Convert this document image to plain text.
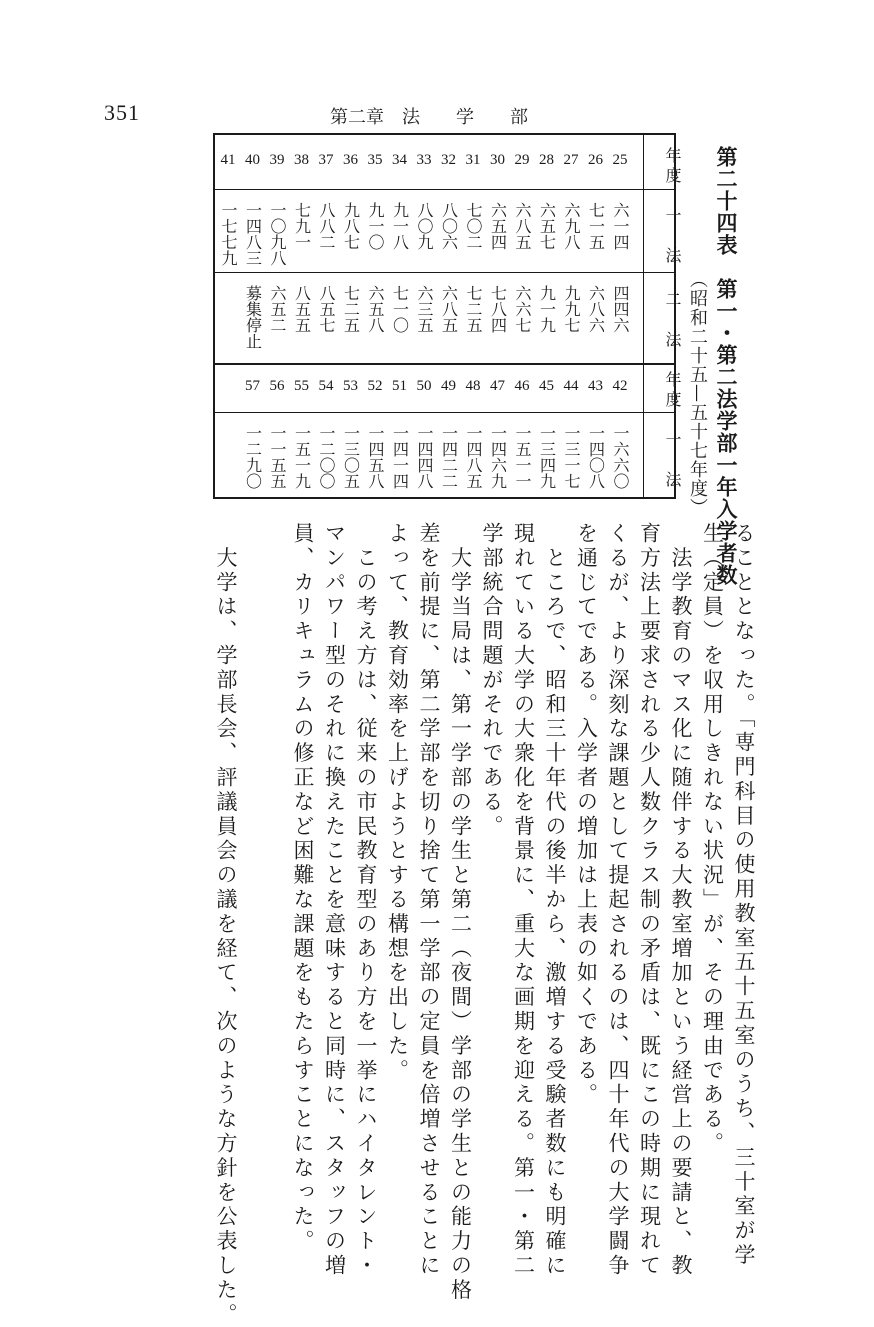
351	第二章　法　　学　　部
第二十四表　第一・第二法学部一年入学者数
（昭和二十五—五十七年度）
年度
一　法
二　法
年度
一　法
25
六一四
四四六
26
七一五
六八六
27
六九八
九九七
28
六五七
九一九
29
六八五
六六七
30
六五四
七八四
31
七〇二
七二五
32
八〇六
六八五
33
八〇九
六三五
34
九一八
七一〇
35
九一〇
六五八
36
九八七
七二五
37
八八二
八五七
38
七九一
八五五
39
一〇九八
六五二
40
一四八三
募集停止
41
一七七九
42
一六六〇
43
一四〇八
44
一三一七
45
一三四九
46
一五一一
47
一四六九
48
一四八五
49
一四二二
50
一四四八
51
一四一四
52
一四五八
53
一三〇五
54
一二〇〇
55
一五一九
56
一一五五
57
一二九〇
ることとなった。「専門科目の使用教室五十五室のうち、三十室が学
生（定員）を収用しきれない状況」が、その理由である。
　法学教育のマス化に随伴する大教室増加という経営上の要請と、教
育方法上要求される少人数クラス制の矛盾は、既にこの時期に現れて
くるが、より深刻な課題として提起されるのは、四十年代の大学闘争
を通じてである。入学者の増加は上表の如くである。
　ところで、昭和三十年代の後半から、激増する受験者数にも明確に
現れている大学の大衆化を背景に、重大な画期を迎える。第一・第二
学部統合問題がそれである。
　大学当局は、第一学部の学生と第二（夜間）学部の学生との能力の格
差を前提に、第二学部を切り捨て第一学部の定員を倍増させることに
よって、教育効率を上げようとする構想を出した。
　この考え方は、従来の市民教育型のあり方を一挙にハイタレント・
マンパワー型のそれに換えたことを意味すると同時に、スタッフの増
員、カリキュラムの修正など困難な課題をもたらすことになった。
　大学は、学部長会、評議員会の議を経て、次のような方針を公表した。
